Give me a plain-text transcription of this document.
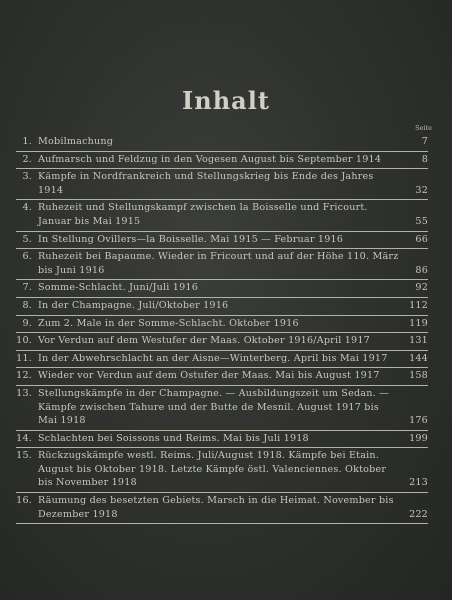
Inhalt
Seite
1. Mobilmachung	7
2. Aufmarsch und Feldzug in den Vogesen August bis September 1914	8
3. Kämpfe in Nordfrankreich und Stellungskrieg bis Ende des Jahres 1914	32
4. Ruhezeit und Stellungskampf zwischen la Boisselle und Fricourt. Januar bis Mai 1915	55
5. In Stellung Ovillers—la Boisselle. Mai 1915 — Februar 1916	66
6. Ruhezeit bei Bapaume. Wieder in Fricourt und auf der Höhe 110. März bis Juni 1916	86
7. Somme-Schlacht. Juni/Juli 1916	92
8. In der Champagne. Juli/Oktober 1916	112
9. Zum 2. Male in der Somme-Schlacht. Oktober 1916	119
10. Vor Verdun auf dem Westufer der Maas. Oktober 1916/April 1917	131
11. In der Abwehrschlacht an der Aisne—Winterberg. April bis Mai 1917	144
12. Wieder vor Verdun auf dem Ostufer der Maas. Mai bis August 1917	158
13. Stellungskämpfe in der Champagne. — Ausbildungszeit um Sedan. — Kämpfe zwischen Tahure und der Butte de Mesnil. August 1917 bis Mai 1918	176
14. Schlachten bei Soissons und Reims. Mai bis Juli 1918	199
15. Rückzugskämpfe westl. Reims. Juli/August 1918. Kämpfe bei Etain. August bis Oktober 1918. Letzte Kämpfe östl. Valenciennes. Oktober bis November 1918	213
16. Räumung des besetzten Gebiets. Marsch in die Heimat. November bis Dezember 1918	222
